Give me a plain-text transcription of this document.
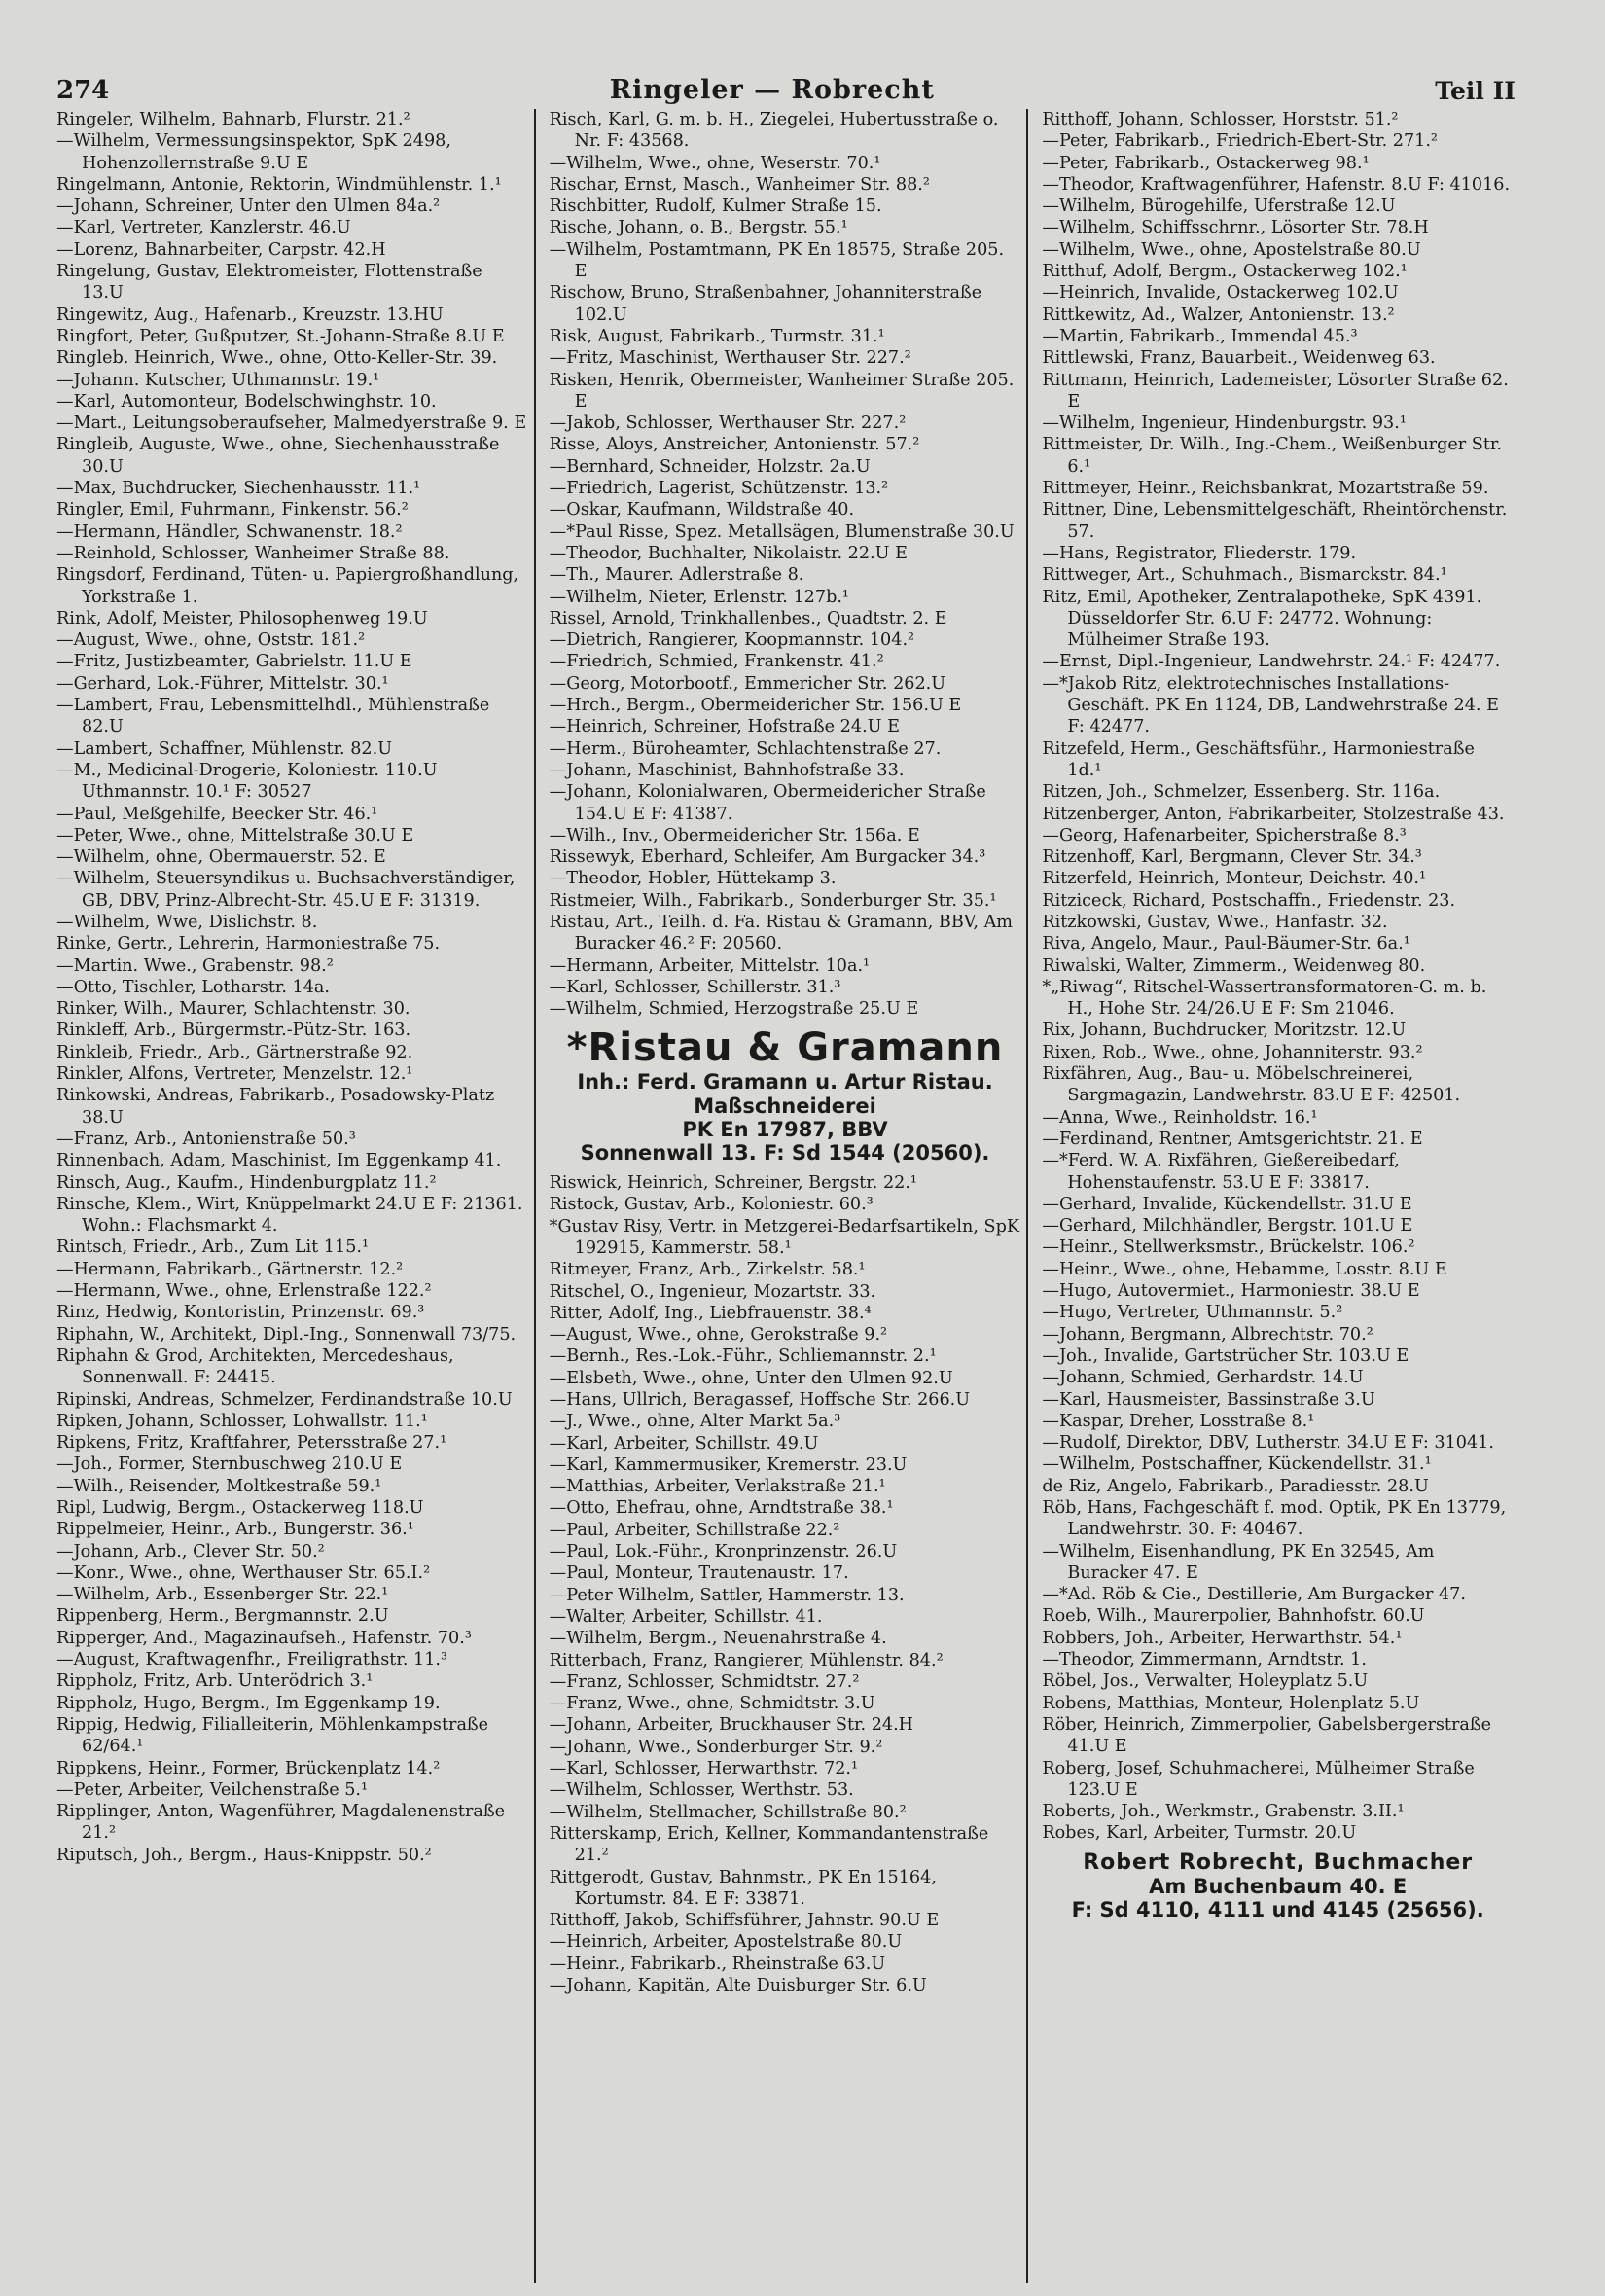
274	Ringeler — Robrecht	Teil II

Ringeler, Wilhelm, Bahnarb, Flurstr. 21.²

—Wilhelm, Vermessungsinspektor, SpK 2498, Hohenzollernstraße 9.U E

Ringelmann, Antonie, Rektorin, Windmühlenstr. 1.¹

—Johann, Schreiner, Unter den Ulmen 84a.²

—Karl, Vertreter, Kanzlerstr. 46.U

—Lorenz, Bahnarbeiter, Carpstr. 42.H

Ringelung, Gustav, Elektromeister, Flottenstraße 13.U

Ringewitz, Aug., Hafenarb., Kreuzstr. 13.HU

Ringfort, Peter, Gußputzer, St.-Johann-Straße 8.U E

Ringleb. Heinrich, Wwe., ohne, Otto-Keller-Str. 39.

—Johann. Kutscher, Uthmannstr. 19.¹

—Karl, Automonteur, Bodelschwinghstr. 10.

—Mart., Leitungsoberaufseher, Malmedyerstraße 9. E

Ringleib, Auguste, Wwe., ohne, Siechenhausstraße 30.U

—Max, Buchdrucker, Siechenhausstr. 11.¹

Ringler, Emil, Fuhrmann, Finkenstr. 56.²

—Hermann, Händler, Schwanenstr. 18.²

—Reinhold, Schlosser, Wanheimer Straße 88.

Ringsdorf, Ferdinand, Tüten- u. Papiergroßhandlung, Yorkstraße 1.

Rink, Adolf, Meister, Philosophenweg 19.U

—August, Wwe., ohne, Oststr. 181.²

—Fritz, Justizbeamter, Gabrielstr. 11.U E

—Gerhard, Lok.-Führer, Mittelstr. 30.¹

—Lambert, Frau, Lebensmittelhdl., Mühlenstraße 82.U

—Lambert, Schaffner, Mühlenstr. 82.U

—M., Medicinal-Drogerie, Koloniestr. 110.U Uthmannstr. 10.¹ F: 30527

—Paul, Meßgehilfe, Beecker Str. 46.¹

—Peter, Wwe., ohne, Mittelstraße 30.U E

—Wilhelm, ohne, Obermauerstr. 52. E

—Wilhelm, Steuersyndikus u. Buchsachverständiger, GB, DBV, Prinz-Albrecht-Str. 45.U E F: 31319.

—Wilhelm, Wwe, Dislichstr. 8.

Rinke, Gertr., Lehrerin, Harmoniestraße 75.

—Martin. Wwe., Grabenstr. 98.²

—Otto, Tischler, Lotharstr. 14a.

Rinker, Wilh., Maurer, Schlachtenstr. 30.

Rinkleff, Arb., Bürgermstr.-Pütz-Str. 163.

Rinkleib, Friedr., Arb., Gärtnerstraße 92.

Rinkler, Alfons, Vertreter, Menzelstr. 12.¹

Rinkowski, Andreas, Fabrikarb., Posadowsky-Platz 38.U

—Franz, Arb., Antonienstraße 50.³

Rinnenbach, Adam, Maschinist, Im Eggenkamp 41.

Rinsch, Aug., Kaufm., Hindenburgplatz 11.²

Rinsche, Klem., Wirt, Knüppelmarkt 24.U E F: 21361. Wohn.: Flachsmarkt 4.

Rintsch, Friedr., Arb., Zum Lit 115.¹

—Hermann, Fabrikarb., Gärtnerstr. 12.²

—Hermann, Wwe., ohne, Erlenstraße 122.²

Rinz, Hedwig, Kontoristin, Prinzenstr. 69.³

Riphahn, W., Architekt, Dipl.-Ing., Sonnenwall 73/75.

Riphahn & Grod, Architekten, Mercedeshaus, Sonnenwall. F: 24415.

Ripinski, Andreas, Schmelzer, Ferdinandstraße 10.U

Ripken, Johann, Schlosser, Lohwallstr. 11.¹

Ripkens, Fritz, Kraftfahrer, Petersstraße 27.¹

—Joh., Former, Sternbuschweg 210.U E

—Wilh., Reisender, Moltkestraße 59.¹

Ripl, Ludwig, Bergm., Ostackerweg 118.U

Rippelmeier, Heinr., Arb., Bungerstr. 36.¹

—Johann, Arb., Clever Str. 50.²

—Konr., Wwe., ohne, Werthauser Str. 65.I.²

—Wilhelm, Arb., Essenberger Str. 22.¹

Rippenberg, Herm., Bergmannstr. 2.U

Ripperger, And., Magazinaufseh., Hafenstr. 70.³

—August, Kraftwagenfhr., Freiligrathstr. 11.³

Rippholz, Fritz, Arb. Unterödrich 3.¹

Rippholz, Hugo, Bergm., Im Eggenkamp 19.

Rippig, Hedwig, Filialleiterin, Möhlenkampstraße 62/64.¹

Rippkens, Heinr., Former, Brückenplatz 14.²

—Peter, Arbeiter, Veilchenstraße 5.¹

Ripplinger, Anton, Wagenführer, Magdalenenstraße 21.²

Riputsch, Joh., Bergm., Haus-Knippstr. 50.²

Risch, Karl, G. m. b. H., Ziegelei, Hubertusstraße o. Nr. F: 43568.

—Wilhelm, Wwe., ohne, Weserstr. 70.¹

Rischar, Ernst, Masch., Wanheimer Str. 88.²

Rischbitter, Rudolf, Kulmer Straße 15.

Rische, Johann, o. B., Bergstr. 55.¹

—Wilhelm, Postamtmann, PK En 18575, Straße 205. E

Rischow, Bruno, Straßenbahner, Johanniterstraße 102.U

Risk, August, Fabrikarb., Turmstr. 31.¹

—Fritz, Maschinist, Werthauser Str. 227.²

Risken, Henrik, Obermeister, Wanheimer Straße 205. E

—Jakob, Schlosser, Werthauser Str. 227.²

Risse, Aloys, Anstreicher, Antonienstr. 57.²

—Bernhard, Schneider, Holzstr. 2a.U

—Friedrich, Lagerist, Schützenstr. 13.²

—Oskar, Kaufmann, Wildstraße 40.

—*Paul Risse, Spez. Metallsägen, Blumenstraße 30.U

—Theodor, Buchhalter, Nikolaistr. 22.U E

—Th., Maurer. Adlerstraße 8.

—Wilhelm, Nieter, Erlenstr. 127b.¹

Rissel, Arnold, Trinkhallenbes., Quadtstr. 2. E

—Dietrich, Rangierer, Koopmannstr. 104.²

—Friedrich, Schmied, Frankenstr. 41.²

—Georg, Motorbootf., Emmericher Str. 262.U

—Hrch., Bergm., Obermeidericher Str. 156.U E

—Heinrich, Schreiner, Hofstraße 24.U E

—Herm., Büroheamter, Schlachtenstraße 27.

—Johann, Maschinist, Bahnhofstraße 33.

—Johann, Kolonialwaren, Obermeidericher Straße 154.U E F: 41387.

—Wilh., Inv., Obermeidericher Str. 156a. E

Rissewyk, Eberhard, Schleifer, Am Burgacker 34.³

—Theodor, Hobler, Hüttekamp 3.

Ristmeier, Wilh., Fabrikarb., Sonderburger Str. 35.¹

Ristau, Art., Teilh. d. Fa. Ristau & Gramann, BBV, Am Buracker 46.² F: 20560.

—Hermann, Arbeiter, Mittelstr. 10a.¹

—Karl, Schlosser, Schillerstr. 31.³

—Wilhelm, Schmied, Herzogstraße 25.U E

*Ristau & Gramann
Inh.: Ferd. Gramann u. Artur Ristau.
Maßschneiderei
PK En 17987, BBV
Sonnenwall 13. F: Sd 1544 (20560).

Riswick, Heinrich, Schreiner, Bergstr. 22.¹

Ristock, Gustav, Arb., Koloniestr. 60.³

*Gustav Risy, Vertr. in Metzgerei-Bedarfsartikeln, SpK 192915, Kammerstr. 58.¹

Ritmeyer, Franz, Arb., Zirkelstr. 58.¹

Ritschel, O., Ingenieur, Mozartstr. 33.

Ritter, Adolf, Ing., Liebfrauenstr. 38.⁴

—August, Wwe., ohne, Gerokstraße 9.²

—Bernh., Res.-Lok.-Führ., Schliemannstr. 2.¹

—Elsbeth, Wwe., ohne, Unter den Ulmen 92.U

—Hans, Ullrich, Beragassef, Hoffsche Str. 266.U

—J., Wwe., ohne, Alter Markt 5a.³

—Karl, Arbeiter, Schillstr. 49.U

—Karl, Kammermusiker, Kremerstr. 23.U

—Matthias, Arbeiter, Verlakstraße 21.¹

—Otto, Ehefrau, ohne, Arndtstraße 38.¹

—Paul, Arbeiter, Schillstraße 22.²

—Paul, Lok.-Führ., Kronprinzenstr. 26.U

—Paul, Monteur, Trautenaustr. 17.

—Peter Wilhelm, Sattler, Hammerstr. 13.

—Walter, Arbeiter, Schillstr. 41.

—Wilhelm, Bergm., Neuenahrstraße 4.

Ritterbach, Franz, Rangierer, Mühlenstr. 84.²

—Franz, Schlosser, Schmidtstr. 27.²

—Franz, Wwe., ohne, Schmidtstr. 3.U

—Johann, Arbeiter, Bruckhauser Str. 24.H

—Johann, Wwe., Sonderburger Str. 9.²

—Karl, Schlosser, Herwarthstr. 72.¹

—Wilhelm, Schlosser, Werthstr. 53.

—Wilhelm, Stellmacher, Schillstraße 80.²

Ritterskamp, Erich, Kellner, Kommandantenstraße 21.²

Rittgerodt, Gustav, Bahnmstr., PK En 15164, Kortumstr. 84. E F: 33871.

Ritthoff, Jakob, Schiffsführer, Jahnstr. 90.U E

—Heinrich, Arbeiter, Apostelstraße 80.U

—Heinr., Fabrikarb., Rheinstraße 63.U

—Johann, Kapitän, Alte Duisburger Str. 6.U

Ritthoff, Johann, Schlosser, Horststr. 51.²

—Peter, Fabrikarb., Friedrich-Ebert-Str. 271.²

—Peter, Fabrikarb., Ostackerweg 98.¹

—Theodor, Kraftwagenführer, Hafenstr. 8.U F: 41016.

—Wilhelm, Bürogehilfe, Uferstraße 12.U

—Wilhelm, Schiffsschrnr., Lösorter Str. 78.H

—Wilhelm, Wwe., ohne, Apostelstraße 80.U

Ritthuf, Adolf, Bergm., Ostackerweg 102.¹

—Heinrich, Invalide, Ostackerweg 102.U

Rittkewitz, Ad., Walzer, Antonienstr. 13.²

—Martin, Fabrikarb., Immendal 45.³

Rittlewski, Franz, Bauarbeit., Weidenweg 63.

Rittmann, Heinrich, Lademeister, Lösorter Straße 62. E

—Wilhelm, Ingenieur, Hindenburgstr. 93.¹

Rittmeister, Dr. Wilh., Ing.-Chem., Weißenburger Str. 6.¹

Rittmeyer, Heinr., Reichsbankrat, Mozartstraße 59.

Rittner, Dine, Lebensmittelgeschäft, Rheintörchenstr. 57.

—Hans, Registrator, Fliederstr. 179.

Rittweger, Art., Schuhmach., Bismarckstr. 84.¹

Ritz, Emil, Apotheker, Zentralapotheke, SpK 4391. Düsseldorfer Str. 6.U F: 24772. Wohnung: Mülheimer Straße 193.

—Ernst, Dipl.-Ingenieur, Landwehrstr. 24.¹ F: 42477.

—*Jakob Ritz, elektrotechnisches Installations-Geschäft. PK En 1124, DB, Landwehrstraße 24. E F: 42477.

Ritzefeld, Herm., Geschäftsführ., Harmoniestraße 1d.¹

Ritzen, Joh., Schmelzer, Essenberg. Str. 116a.

Ritzenberger, Anton, Fabrikarbeiter, Stolzestraße 43.

—Georg, Hafenarbeiter, Spicherstraße 8.³

Ritzenhoff, Karl, Bergmann, Clever Str. 34.³

Ritzerfeld, Heinrich, Monteur, Deichstr. 40.¹

Ritziceck, Richard, Postschaffn., Friedenstr. 23.

Ritzkowski, Gustav, Wwe., Hanfastr. 32.

Riva, Angelo, Maur., Paul-Bäumer-Str. 6a.¹

Riwalski, Walter, Zimmerm., Weidenweg 80.

*„Riwag“, Ritschel-Wassertransformatoren-G. m. b. H., Hohe Str. 24/26.U E F: Sm 21046.

Rix, Johann, Buchdrucker, Moritzstr. 12.U

Rixen, Rob., Wwe., ohne, Johanniterstr. 93.²

Rixfähren, Aug., Bau- u. Möbelschreinerei, Sargmagazin, Landwehrstr. 83.U E F: 42501.

—Anna, Wwe., Reinholdstr. 16.¹

—Ferdinand, Rentner, Amtsgerichtstr. 21. E

—*Ferd. W. A. Rixfähren, Gießereibedarf, Hohenstaufenstr. 53.U E F: 33817.

—Gerhard, Invalide, Kückendellstr. 31.U E

—Gerhard, Milchhändler, Bergstr. 101.U E

—Heinr., Stellwerksmstr., Brückelstr. 106.²

—Heinr., Wwe., ohne, Hebamme, Losstr. 8.U E

—Hugo, Autovermiet., Harmoniestr. 38.U E

—Hugo, Vertreter, Uthmannstr. 5.²

—Johann, Bergmann, Albrechtstr. 70.²

—Joh., Invalide, Gartstrücher Str. 103.U E

—Johann, Schmied, Gerhardstr. 14.U

—Karl, Hausmeister, Bassinstraße 3.U

—Kaspar, Dreher, Losstraße 8.¹

—Rudolf, Direktor, DBV, Lutherstr. 34.U E F: 31041.

—Wilhelm, Postschaffner, Kückendellstr. 31.¹

de Riz, Angelo, Fabrikarb., Paradiesstr. 28.U

Röb, Hans, Fachgeschäft f. mod. Optik, PK En 13779, Landwehrstr. 30. F: 40467.

—Wilhelm, Eisenhandlung, PK En 32545, Am Buracker 47. E

—*Ad. Röb & Cie., Destillerie, Am Burgacker 47.

Roeb, Wilh., Maurerpolier, Bahnhofstr. 60.U

Robbers, Joh., Arbeiter, Herwarthstr. 54.¹

—Theodor, Zimmermann, Arndtstr. 1.

Röbel, Jos., Verwalter, Holeyplatz 5.U

Robens, Matthias, Monteur, Holenplatz 5.U

Röber, Heinrich, Zimmerpolier, Gabelsbergerstraße 41.U E

Roberg, Josef, Schuhmacherei, Mülheimer Straße 123.U E

Roberts, Joh., Werkmstr., Grabenstr. 3.II.¹

Robes, Karl, Arbeiter, Turmstr. 20.U

Robert Robrecht, Buchmacher
Am Buchenbaum 40. E
F: Sd 4110, 4111 und 4145 (25656).
